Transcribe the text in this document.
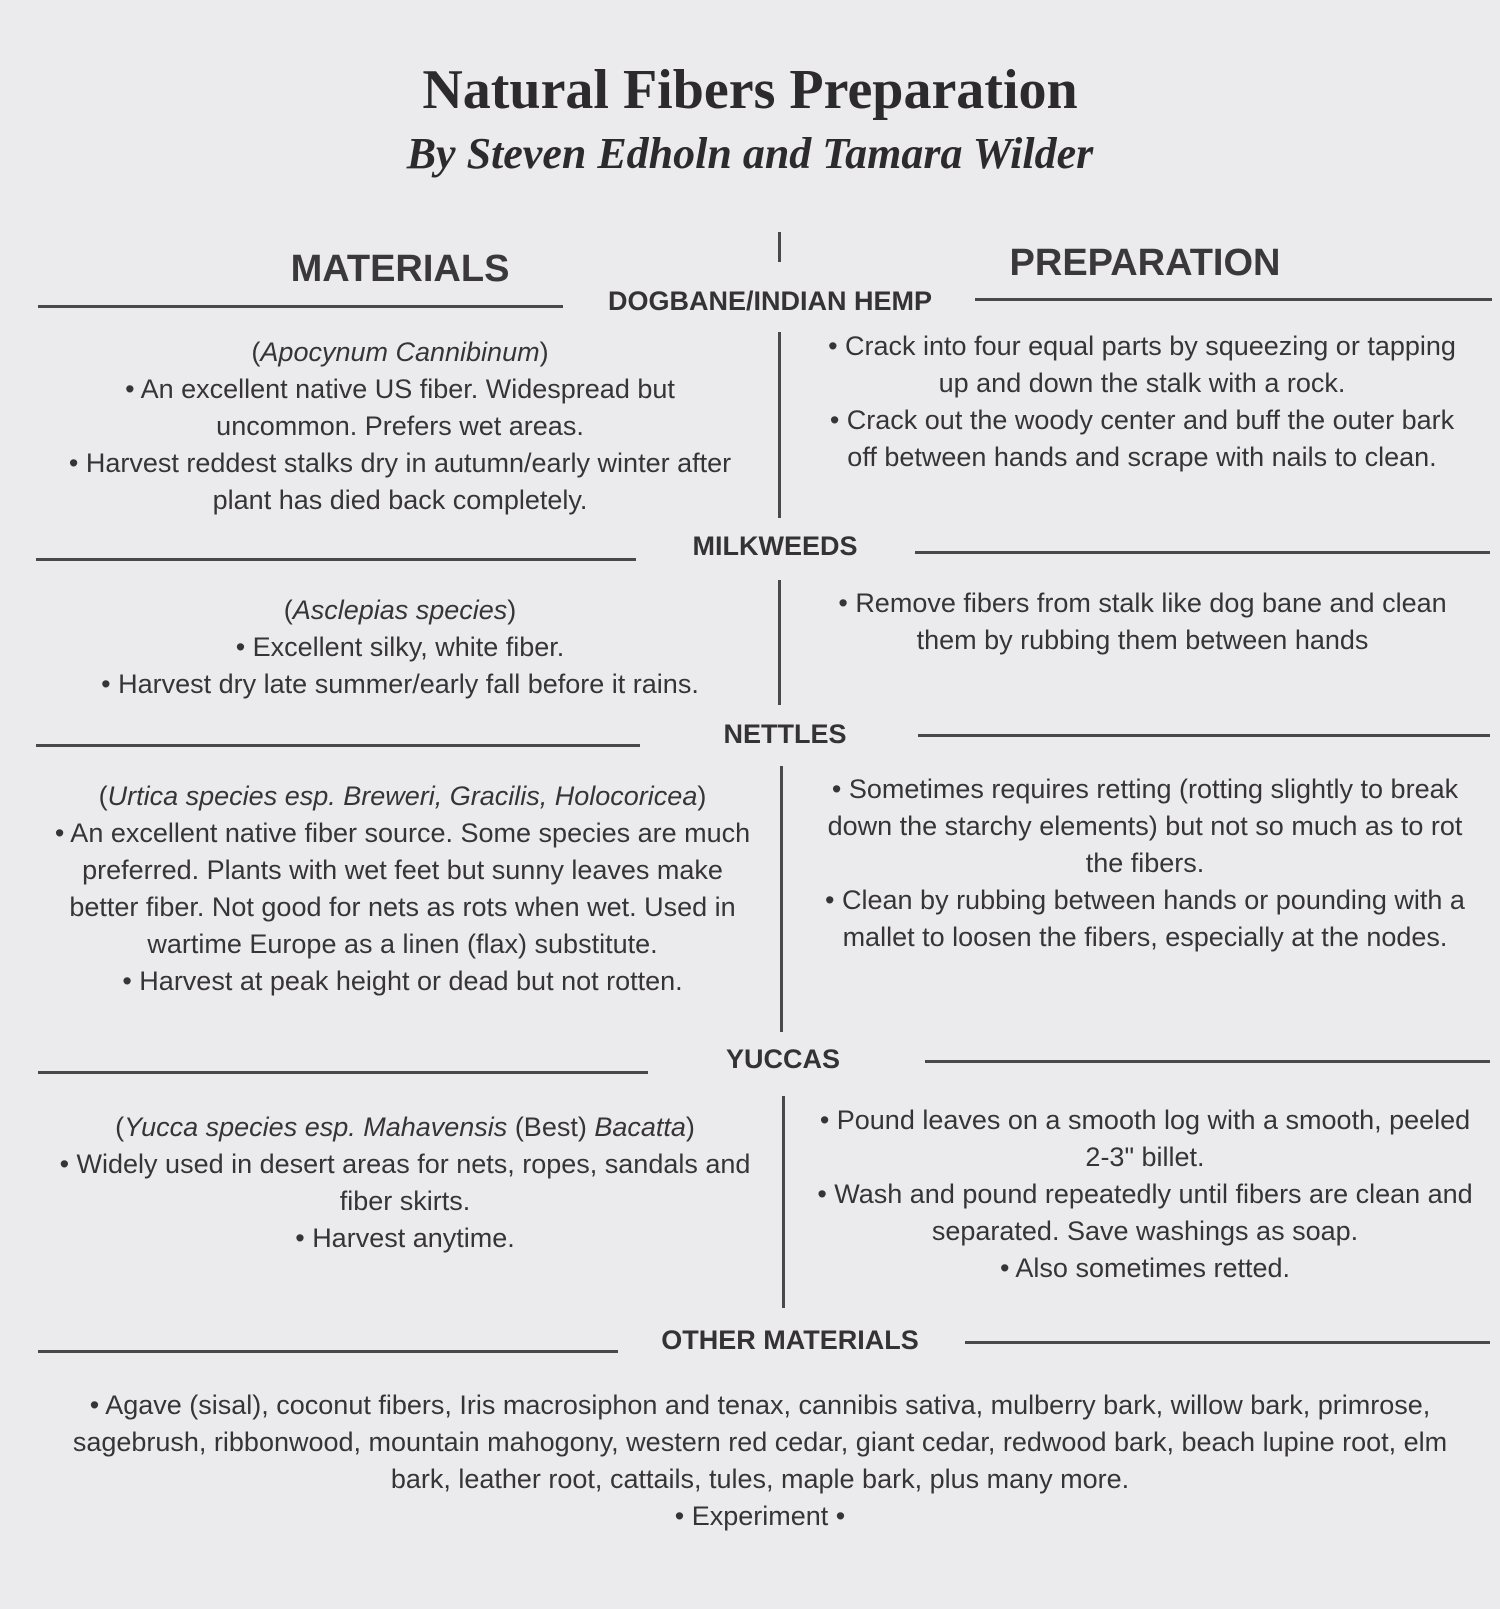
Natural Fibers Preparation
By Steven Edholn and Tamara Wilder
MATERIALS	PREPARATION
DOGBANE/INDIAN HEMP

(Apocynum Cannibinum)

• An excellent native US fiber. Widespread but uncommon. Prefers wet areas.

• Harvest reddest stalks dry in autumn/early winter after plant has died back completely.

• Crack into four equal parts by squeezing or tapping up and down the stalk with a rock.

• Crack out the woody center and buff the outer bark off between hands and scrape with nails to clean.

MILKWEEDS

(Asclepias species)

• Excellent silky, white fiber.

• Harvest dry late summer/early fall before it rains.

• Remove fibers from stalk like dog bane and clean them by rubbing them between hands

NETTLES

(Urtica species esp. Breweri, Gracilis, Holocoricea)

• An excellent native fiber source. Some species are much preferred. Plants with wet feet but sunny leaves make better fiber. Not good for nets as rots when wet. Used in wartime Europe as a linen (flax) substitute.

• Harvest at peak height or dead but not rotten.

• Sometimes requires retting (rotting slightly to break down the starchy elements) but not so much as to rot the fibers.

• Clean by rubbing between hands or pounding with a mallet to loosen the fibers, especially at the nodes.

YUCCAS

(Yucca species esp. Mahavensis (Best) Bacatta)

• Widely used in desert areas for nets, ropes, sandals and fiber skirts.

• Harvest anytime.

• Pound leaves on a smooth log with a smooth, peeled 2-3" billet.

• Wash and pound repeatedly until fibers are clean and separated. Save washings as soap.

• Also sometimes retted.

OTHER MATERIALS

• Agave (sisal), coconut fibers, Iris macrosiphon and tenax, cannibis sativa, mulberry bark, willow bark, primrose, sagebrush, ribbonwood, mountain mahogony, western red cedar, giant cedar, redwood bark, beach lupine root, elm bark, leather root, cattails, tules, maple bark, plus many more.

• Experiment •
